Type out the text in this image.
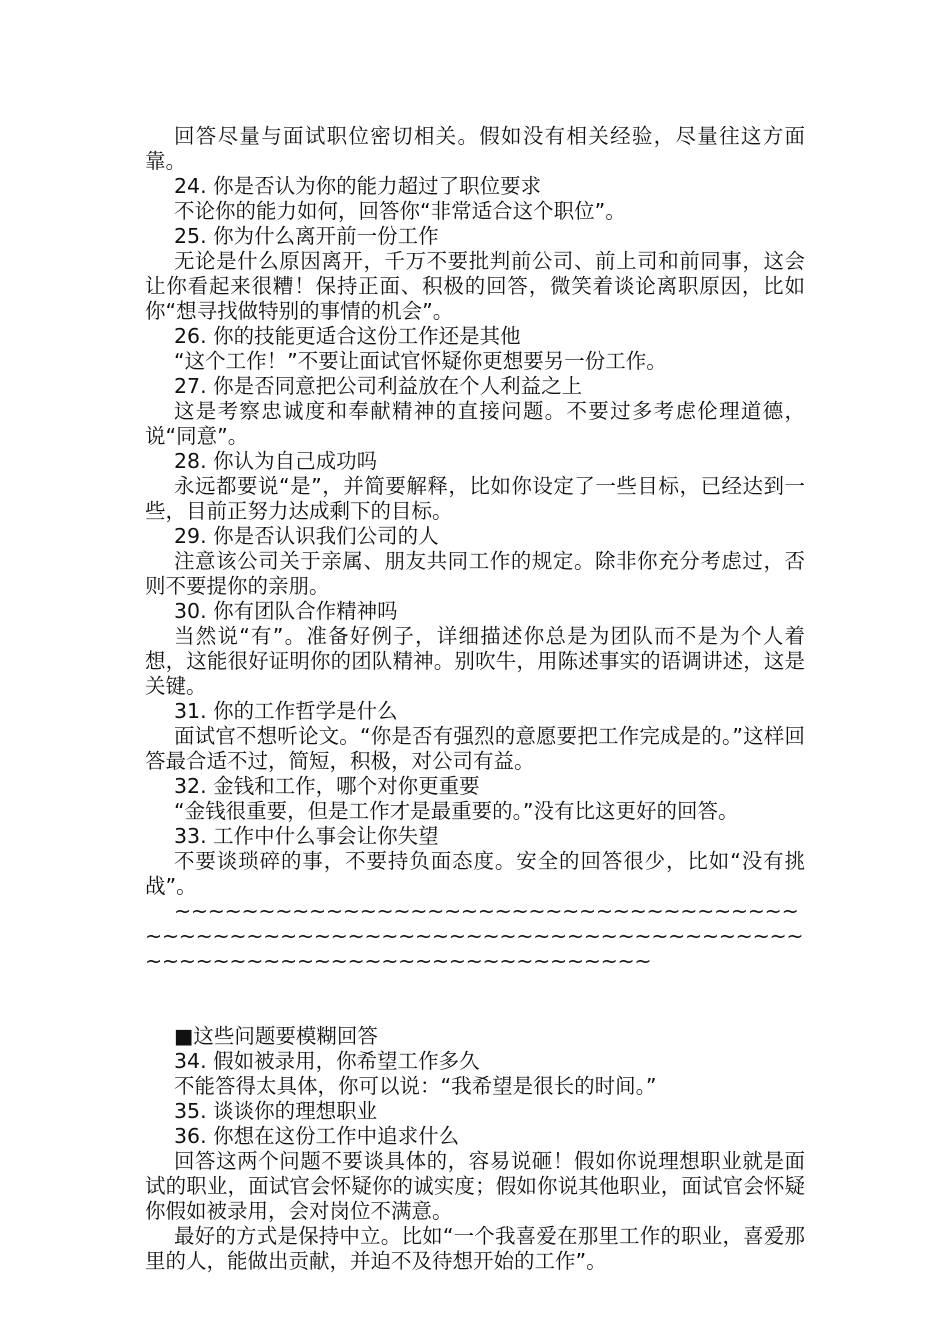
回答尽量与面试职位密切相关。假如没有相关经验，尽量往这方面靠。

24. 你是否认为你的能力超过了职位要求

不论你的能力如何，回答你“非常适合这个职位”。

25. 你为什么离开前一份工作

无论是什么原因离开，千万不要批判前公司、前上司和前同事，这会让你看起来很糟！保持正面、积极的回答，微笑着谈论离职原因，比如你“想寻找做特别的事情的机会”。

26. 你的技能更适合这份工作还是其他

“这个工作！”不要让面试官怀疑你更想要另一份工作。

27. 你是否同意把公司利益放在个人利益之上

这是考察忠诚度和奉献精神的直接问题。不要过多考虑伦理道德，说“同意”。

28. 你认为自己成功吗

永远都要说“是”，并简要解释，比如你设定了一些目标，已经达到一些，目前正努力达成剩下的目标。

29. 你是否认识我们公司的人

注意该公司关于亲属、朋友共同工作的规定。除非你充分考虑过，否则不要提你的亲朋。

30. 你有团队合作精神吗

当然说“有”。准备好例子，详细描述你总是为团队而不是为个人着想，这能很好证明你的团队精神。别吹牛，用陈述事实的语调讲述，这是关键。

31. 你的工作哲学是什么

面试官不想听论文。“你是否有强烈的意愿要把工作完成是的。”这样回答最合适不过，简短，积极，对公司有益。

32. 金钱和工作，哪个对你更重要

“金钱很重要，但是工作才是最重要的。”没有比这更好的回答。

33. 工作中什么事会让你失望

不要谈琐碎的事，不要持负面态度。安全的回答很少，比如“没有挑战”。

~~~~~~~~~~~~~~~~~~~~~~~~~~~~~~~~~~~~~~~~~~~~~~~~~~~~~~~~~~~~~~~~~~~~~~~~~~~~~~~~~~~~~~~~~~~~~~~~~~~~~~~~~~

■这些问题要模糊回答

34. 假如被录用，你希望工作多久

不能答得太具体，你可以说：“我希望是很长的时间。”

35. 谈谈你的理想职业

36. 你想在这份工作中追求什么

回答这两个问题不要谈具体的，容易说砸！假如你说理想职业就是面试的职业，面试官会怀疑你的诚实度；假如你说其他职业，面试官会怀疑你假如被录用，会对岗位不满意。

最好的方式是保持中立。比如“一个我喜爱在那里工作的职业，喜爱那里的人，能做出贡献，并迫不及待想开始的工作”。
